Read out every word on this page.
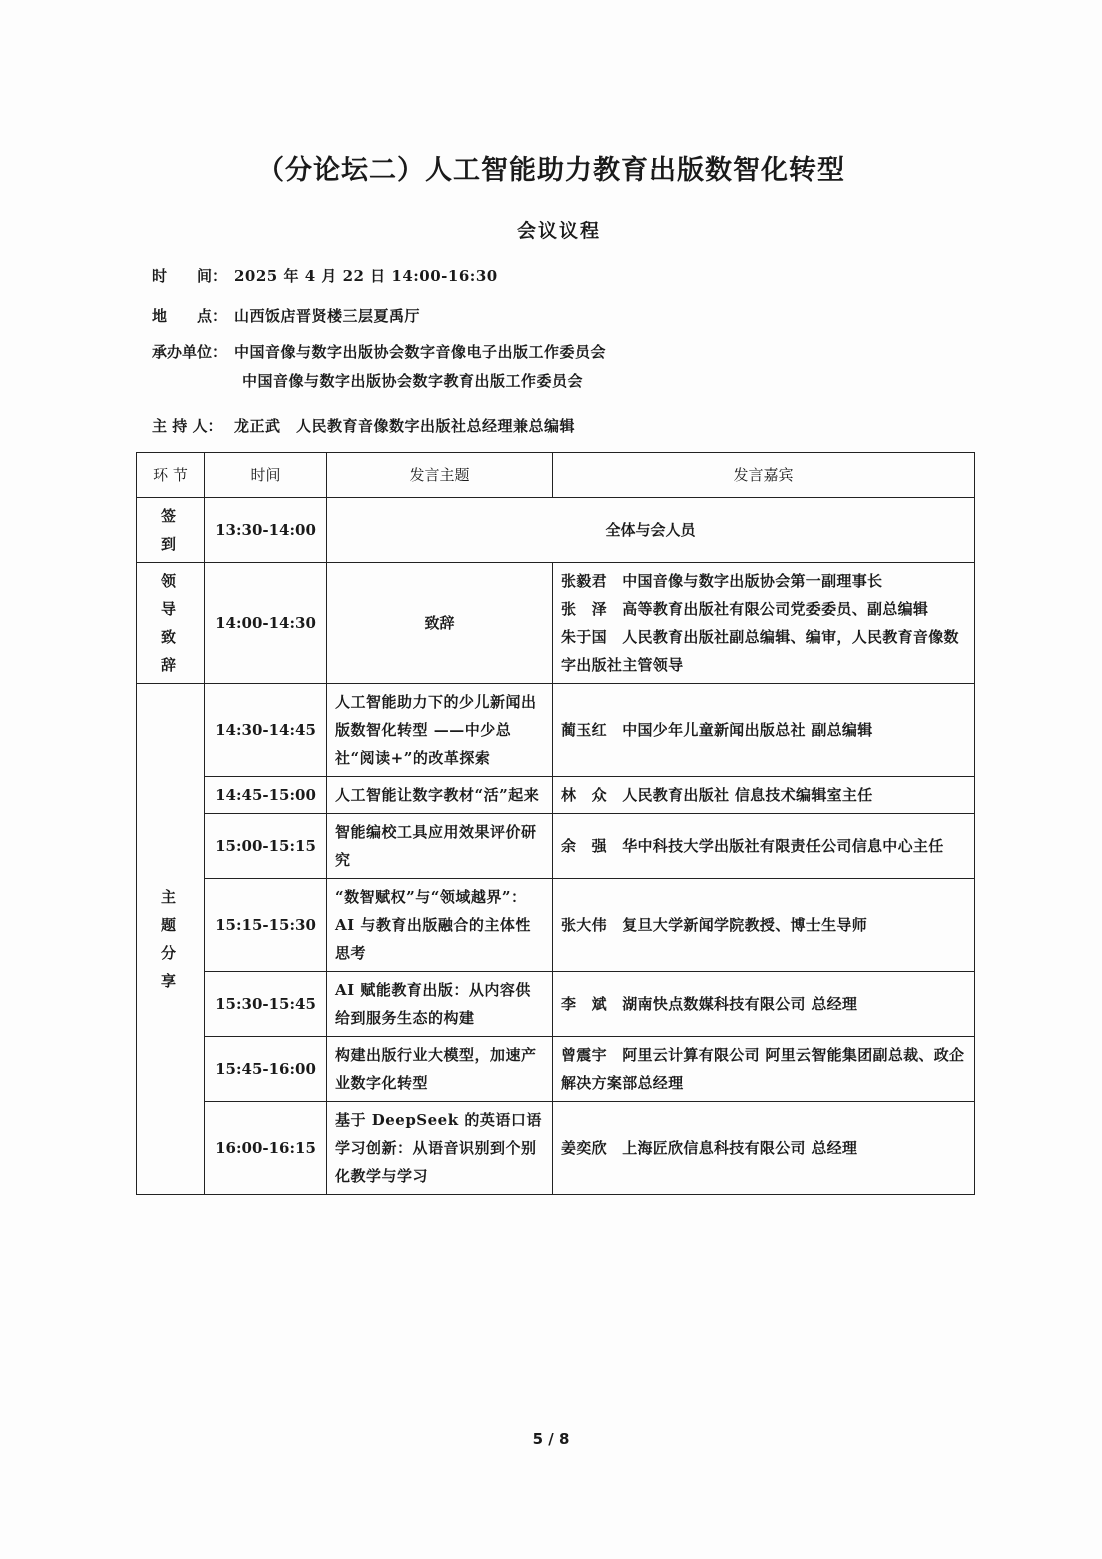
（分论坛二）人工智能助力教育出版数智化转型
会议议程
时　　间： 2025 年 4 月 22 日 14:00-16:30
地　　点： 山西饭店晋贤楼三层夏禹厅
承办单位： 中国音像与数字出版协会数字音像电子出版工作委员会
中国音像与数字出版协会数字教育出版工作委员会
主 持 人： 龙正武　人民教育音像数字出版社总经理兼总编辑
环 节	时间	发言主题	发言嘉宾
签到	13:30-14:00	全体与会人员	
领导致辞	14:00-14:30	致辞	张毅君　中国音像与数字出版协会第一副理事长
张　泽　高等教育出版社有限公司党委委员、副总编辑
朱于国　人民教育出版社副总编辑、编审，人民教育音像数字出版社主管领导

主题分享	14:30-14:45	人工智能助力下的少儿新闻出版数智化转型 ——中少总社“阅读+”的改革探索	蔺玉红　中国少年儿童新闻出版总社 副总编辑
	14:45-15:00	人工智能让数字教材“活”起来	林　众　人民教育出版社 信息技术编辑室主任
	15:00-15:15	智能编校工具应用效果评价研究	余　强　华中科技大学出版社有限责任公司信息中心主任
	15:15-15:30	“数智赋权”与“领域越界”：AI 与教育出版融合的主体性思考	张大伟　复旦大学新闻学院教授、博士生导师
	15:30-15:45	AI 赋能教育出版：从内容供给到服务生态的构建	李　斌　湖南快点数媒科技有限公司 总经理
	15:45-16:00	构建出版行业大模型，加速产业数字化转型	曾震宇　阿里云计算有限公司 阿里云智能集团副总裁、政企解决方案部总经理
	16:00-16:15	基于 DeepSeek 的英语口语学习创新：从语音识别到个别化教学与学习	姜奕欣　上海匠欣信息科技有限公司 总经理
5 / 8
